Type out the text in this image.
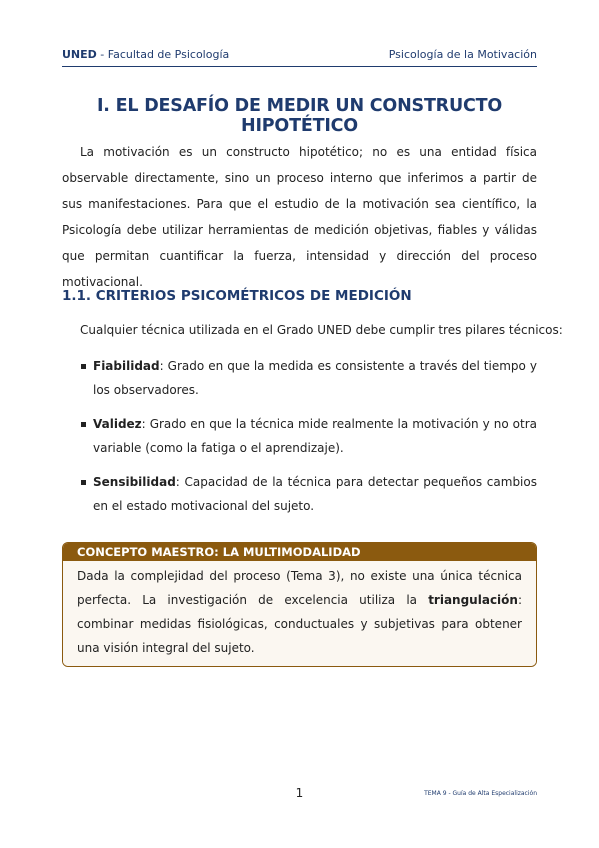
UNED - Facultad de Psicología	Psicología de la Motivación
I. EL DESAFÍO DE MEDIR UN CONSTRUCTO HIPOTÉTICO

La motivación es un constructo hipotético; no es una entidad física observable directamente, sino un proceso interno que inferimos a partir de sus manifestaciones. Para que el estudio de la motivación sea científico, la Psicología debe utilizar herramientas de medición objetivas, fiables y válidas que permitan cuantificar la fuerza, intensidad y dirección del proceso motivacional.

1.1. CRITERIOS PSICOMÉTRICOS DE MEDICIÓN

Cualquier técnica utilizada en el Grado UNED debe cumplir tres pilares técnicos:

Fiabilidad: Grado en que la medida es consistente a través del tiempo y los observadores.
Validez: Grado en que la técnica mide realmente la motivación y no otra variable (como la fatiga o el aprendizaje).
Sensibilidad: Capacidad de la técnica para detectar pequeños cambios en el estado motivacional del sujeto.
CONCEPTO MAESTRO: LA MULTIMODALIDAD
Dada la complejidad del proceso (Tema 3), no existe una única técnica perfecta. La investigación de excelencia utiliza la triangulación: combinar medidas fisiológicas, conductuales y subjetivas para obtener una visión integral del sujeto.
1	TEMA 9 - Guía de Alta Especialización
